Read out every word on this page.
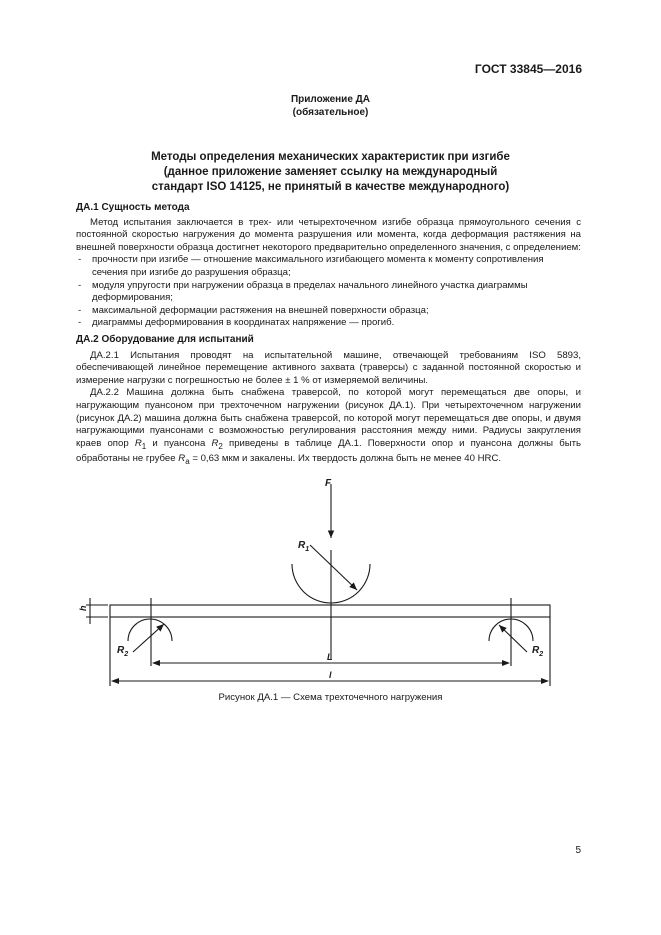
ГОСТ 33845—2016
Приложение ДА
(обязательное)
Методы определения механических характеристик при изгибе
(данное приложение заменяет ссылку на международный
стандарт ISO 14125, не принятый в качестве международного)

ДА.1 Сущность метода

Метод испытания заключается в трех- или четырехточечном изгибе образца прямоугольного сечения с постоянной скоростью нагружения до момента разрушения или момента, когда деформация растяжения на внешней поверхности образца достигнет некоторого предварительно определенного значения, с определением:

- прочности при изгибе — отношение максимального изгибающего момента к моменту сопротивления сечения при изгибе до разрушения образца;
- модуля упругости при нагружении образца в пределах начального линейного участка диаграммы деформирования;
- максимальной деформации растяжения на внешней поверхности образца;
- диаграммы деформирования в координатах напряжение — прогиб.

ДА.2 Оборудование для испытаний

ДА.2.1 Испытания проводят на испытательной машине, отвечающей требованиям ISO 5893, обеспечивающей линейное перемещение активного захвата (траверсы) с заданной постоянной скоростью и измерение нагрузки с погрешностью не более ± 1 % от измеряемой величины.

ДА.2.2 Машина должна быть снабжена траверсой, по которой могут перемещаться две опоры, и нагружающим пуансоном при трехточечном нагружении (рисунок ДА.1). При четырехточечном нагружении (рисунок ДА.2) машина должна быть снабжена траверсой, по которой могут перемещаться две опоры, и двумя нагружающими пуансонами с возможностью регулирования расстояния между ними. Радиусы закругления краев опор $R_1$ и пуансона $R_2$ приведены в таблице ДА.1. Поверхности опор и пуансона должны быть обработаны не грубее $R_a = 0,63$ мкм и закалены. Их твердость должна быть не менее 40 HRC.

F
$R_1$
$R_2$	$R_2$
h
L
l
Рисунок ДА.1 — Схема трехточечного нагружения
5
